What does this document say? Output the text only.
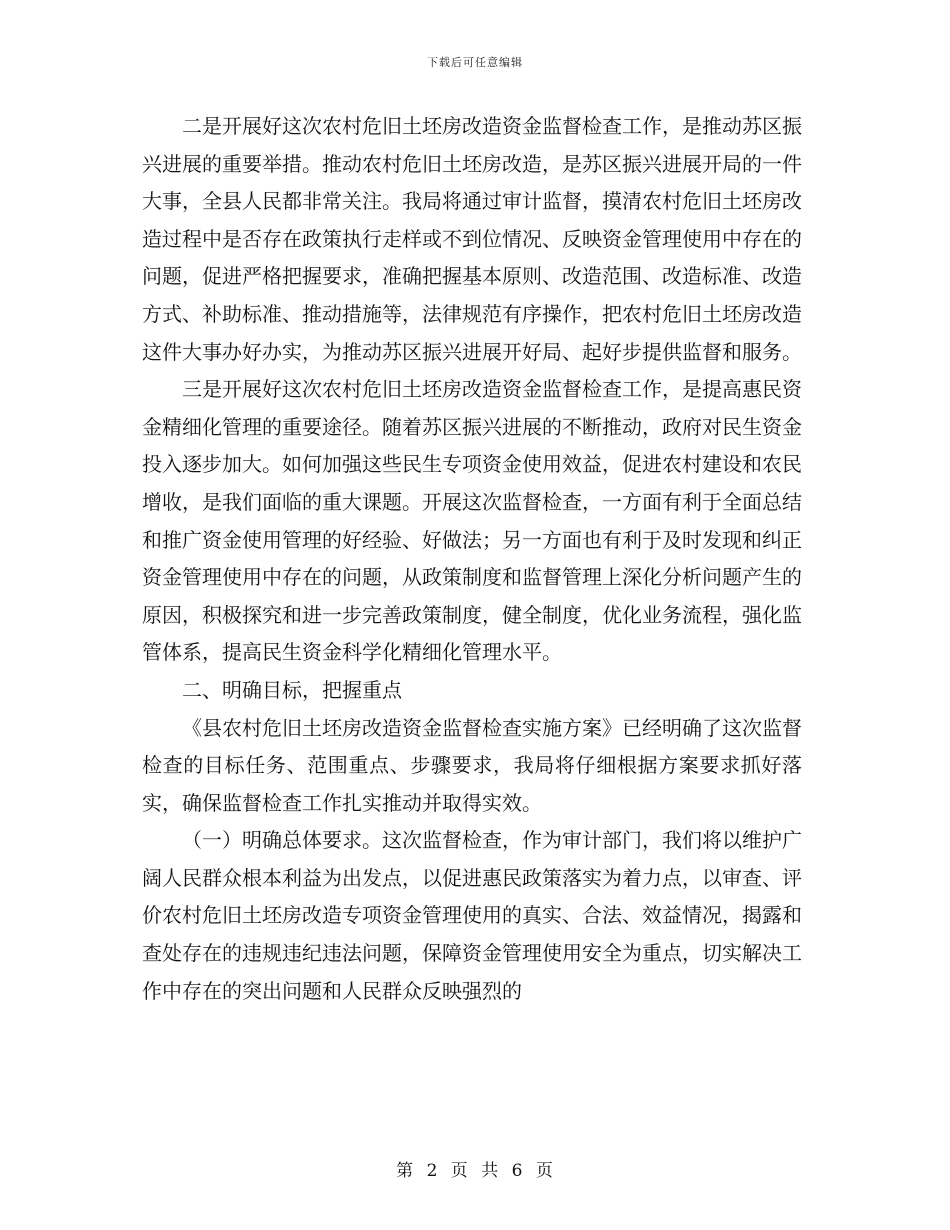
下载后可任意编辑

二是开展好这次农村危旧土坯房改造资金监督检查工作，是推动苏区振兴进展的重要举措。推动农村危旧土坯房改造，是苏区振兴进展开局的一件大事，全县人民都非常关注。我局将通过审计监督，摸清农村危旧土坯房改造过程中是否存在政策执行走样或不到位情况、反映资金管理使用中存在的问题，促进严格把握要求，准确把握基本原则、改造范围、改造标准、改造方式、补助标准、推动措施等，法律规范有序操作，把农村危旧土坯房改造这件大事办好办实，为推动苏区振兴进展开好局、起好步提供监督和服务。

三是开展好这次农村危旧土坯房改造资金监督检查工作，是提高惠民资金精细化管理的重要途径。随着苏区振兴进展的不断推动，政府对民生资金投入逐步加大。如何加强这些民生专项资金使用效益，促进农村建设和农民增收，是我们面临的重大课题。开展这次监督检查，一方面有利于全面总结和推广资金使用管理的好经验、好做法；另一方面也有利于及时发现和纠正资金管理使用中存在的问题，从政策制度和监督管理上深化分析问题产生的原因，积极探究和进一步完善政策制度，健全制度，优化业务流程，强化监管体系，提高民生资金科学化精细化管理水平。

二、明确目标，把握重点

《县农村危旧土坯房改造资金监督检查实施方案》已经明确了这次监督检查的目标任务、范围重点、步骤要求，我局将仔细根据方案要求抓好落实，确保监督检查工作扎实推动并取得实效。

（一）明确总体要求。这次监督检查，作为审计部门，我们将以维护广阔人民群众根本利益为出发点，以促进惠民政策落实为着力点，以审查、评价农村危旧土坯房改造专项资金管理使用的真实、合法、效益情况，揭露和查处存在的违规违纪违法问题，保障资金管理使用安全为重点，切实解决工作中存在的突出问题和人民群众反映强烈的

第 2 页 共 6 页
